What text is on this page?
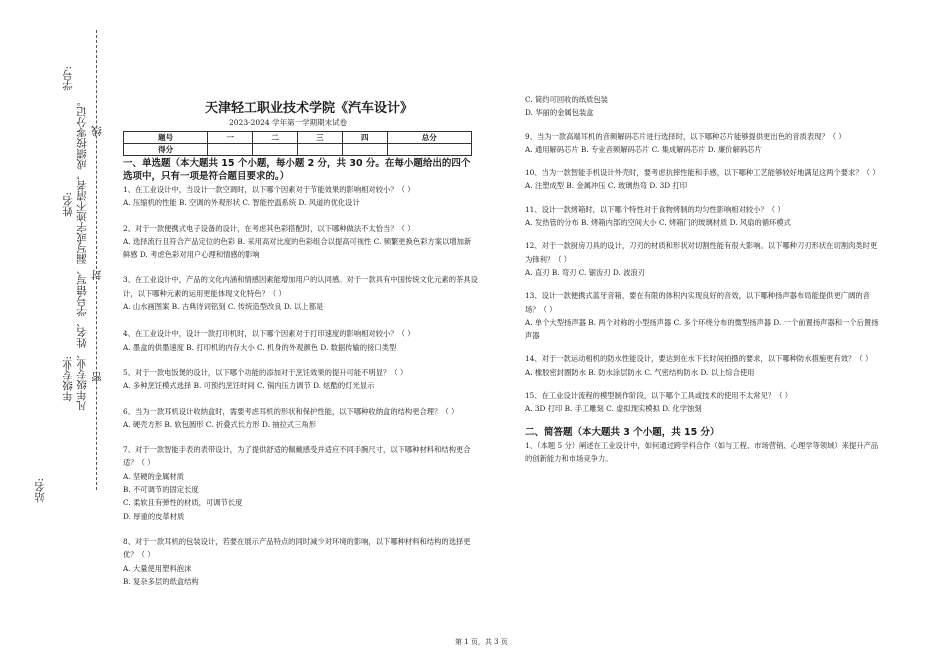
学号:
姓名:
年级专业:
站名:
凡年级专业、姓名、学号错写、漏写或字迹不清者，成绩按零分记。 线
封
密
天津轻工职业技术学院《汽车设计》
2023-2024 学年第一学期期末试卷
题号	一	二	三	四	总分
得分					
一、单选题（本大题共 15 个小题，每小题 2 分，共 30 分。在每小题给出的四个选项中，只有一项是符合题目要求的。）
1、在工业设计中，当设计一款空调时，以下哪个因素对于节能效果的影响相对较小？（ ）
A. 压缩机的性能 B. 空调的外观形状 C. 智能控温系统 D. 风道的优化设计
2、对于一款便携式电子设备的设计，在考虑其色彩搭配时，以下哪种做法不太恰当？（ ）
A. 选择流行且符合产品定位的色彩 B. 采用高对比度的色彩组合以提高可视性 C. 频繁更换色彩方案以增加新鲜感 D. 考虑色彩对用户心理和情感的影响
3、在工业设计中，产品的文化内涵和情感因素能增加用户的认同感。对于一款具有中国传统文化元素的茶具设计，以下哪种元素的运用更能体现文化特色？（ ）
A. 山水画图案 B. 古典诗词铭刻 C. 传统造型改良 D. 以上都是
4、在工业设计中，设计一款打印机时，以下哪个因素对于打印速度的影响相对较小？（ ）
A. 墨盒的供墨速度 B. 打印机的内存大小 C. 机身的外观颜色 D. 数据传输的接口类型
5、对于一款电饭煲的设计，以下哪个功能的添加对于烹饪效果的提升可能不明显？（ ）
A. 多种烹饪模式选择 B. 可预约烹饪时间 C. 锅内压力调节 D. 炫酷的灯光显示
6、当为一款耳机设计收纳盒时，需要考虑耳机的形状和保护性能，以下哪种收纳盒的结构更合理？（ ）
A. 硬壳方形 B. 软包圆形 C. 折叠式长方形 D. 抽拉式三角形
7、对于一款智能手表的表带设计，为了提供舒适的佩戴感受并适应不同手腕尺寸，以下哪种材料和结构更合适？（ ）
A. 坚硬的金属材质
B. 不可调节的固定长度
C. 柔软且有弹性的材质，可调节长度
D. 厚重的皮革材质
8、对于一款耳机的包装设计，若要在展示产品特点的同时减少对环境的影响，以下哪种材料和结构的选择更优？（ ）
A. 大量使用塑料泡沫
B. 复杂多层的纸盒结构
C. 简约可回收的纸质包装
D. 华丽的金属包装盒
9、当为一款高端耳机的音频解码芯片进行选择时，以下哪种芯片能够提供更出色的音质表现？（ ）
A. 通用解码芯片 B. 专业音频解码芯片 C. 集成解码芯片 D. 廉价解码芯片
10、当为一款智能手机设计外壳时，要考虑抗摔性能和手感，以下哪种工艺能够较好地满足这两个要求？（ ）
A. 注塑成型 B. 金属冲压 C. 玻璃热弯 D. 3D 打印
11、设计一款烤箱时，以下哪个特性对于食物烤制的均匀性影响相对较小？（ ）
A. 发热管的分布 B. 烤箱内部的空间大小 C. 烤箱门的玻璃材质 D. 风扇的循环模式
12、对于一款厨房刀具的设计，刀刃的材质和形状对切割性能有很大影响。以下哪种刀刃形状在切割肉类时更为锋利？（ ）
A. 直刃 B. 弯刃 C. 锯齿刃 D. 波浪刃
13、设计一款便携式蓝牙音箱，要在有限的体积内实现良好的音效，以下哪种扬声器布局能提供更广阔的音场？（ ）
A. 单个大型扬声器 B. 两个对称的小型扬声器 C. 多个环绕分布的微型扬声器 D. 一个前置扬声器和一个后置扬声器
14、对于一款运动相机的防水性能设计，要达到在水下长时间拍摄的要求，以下哪种防水措施更有效？（ ）
A. 橡胶密封圈防水 B. 防水涂层防水 C. 气密结构防水 D. 以上综合使用
15、在工业设计流程的模型制作阶段，以下哪个工具或技术的使用不太常见？（ ）
A. 3D 打印 B. 手工雕刻 C. 虚拟现实模拟 D. 化学蚀刻
二、简答题（本大题共 3 个小题，共 15 分）
1、（本题 5 分）阐述在工业设计中，如何通过跨学科合作（如与工程、市场营销、心理学等领域）来提升产品的创新能力和市场竞争力。
第 1 页，共 3 页
